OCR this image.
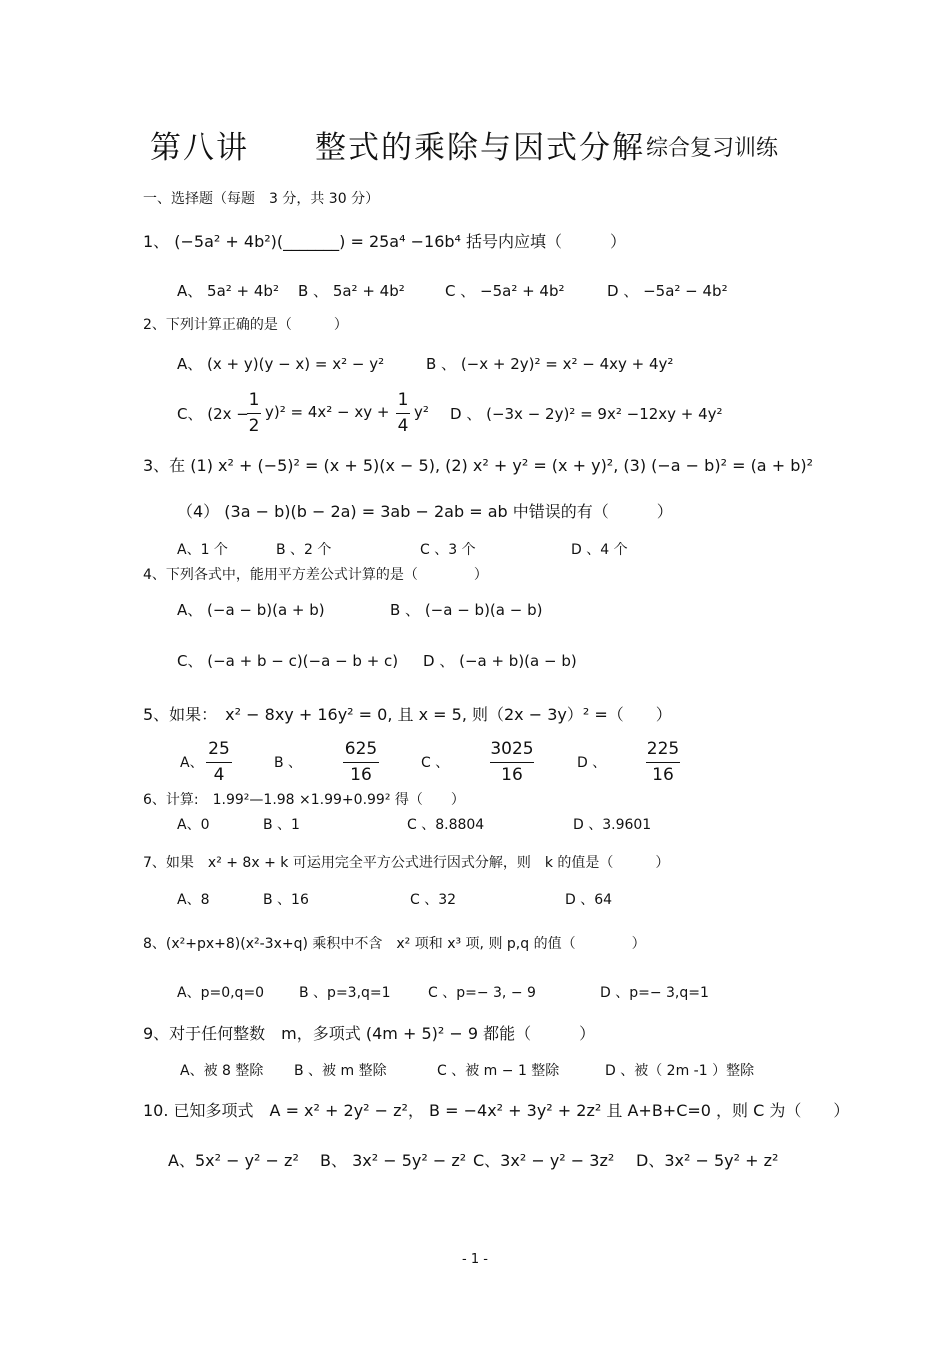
第八讲　　整式的乘除与因式分解 综合复习训练
一、选择题（每题　3 分，共 30 分）
1、 (−5a² + 4b²)(_______) = 25a⁴ −16b⁴ 括号内应填（　　　）
A、 5a² + 4b² B 、 5a² + 4b²	C 、 −5a² + 4b²	D 、 −5a² − 4b²
2、下列计算正确的是（　　　）
A、 (x + y)(y − x) = x² − y²	B 、 (−x + 2y)² = x² − 4xy + 4y²
C、 (2x −
1
2
y)² = 4x² − xy +
1
4
y² D 、 (−3x − 2y)² = 9x² −12xy + 4y²
3、在 (1) x² + (−5)² = (x + 5)(x − 5), (2) x² + y² = (x + y)², (3) (−a − b)² = (a + b)²
（4） (3a − b)(b − 2a) = 3ab − 2ab = ab 中错误的有（　　　）
A、1 个	B 、2 个	C 、3 个	D 、4 个
4、下列各式中，能用平方差公式计算的是（　　　　）
A、 (−a − b)(a + b)	B 、 (−a − b)(a − b)
C、 (−a + b − c)(−a − b + c) D 、 (−a + b)(a − b)
5、如果：　x² − 8xy + 16y² = 0, 且 x = 5, 则（2x − 3y）² =（　　）
A、
25
4
B 、
625
16
C 、
3025
16
D 、
225
16
6、计算:　1.99²—1.98 ×1.99+0.99² 得（　　）
A、0	B 、1	C 、8.8804	D 、3.9601
7、如果　x² + 8x + k 可运用完全平方公式进行因式分解，则　k 的值是（　　　）
A、8	B 、16	C 、32	D 、64
8、(x²+px+8)(x²-3x+q) 乘积中不含　x² 项和 x³ 项, 则 p,q 的值（　　　　）
A、p=0,q=0 B 、p=3,q=1	C 、p=− 3, − 9	D 、p=− 3,q=1
9、对于任何整数　m，多项式 (4m + 5)² − 9 都能（　　　）
A、被 8 整除 B 、被 m 整除	C 、被 m − 1 整除	D 、被（ 2m -1 ）整除
10. 已知多项式　A = x² + 2y² − z²， B = −4x² + 3y² + 2z² 且 A+B+C=0 ，则 C 为（　　）
A、5x² − y² − z² B、 3x² − 5y² − z² C、3x² − y² − 3z² D、3x² − 5y² + z²
- 1 -
